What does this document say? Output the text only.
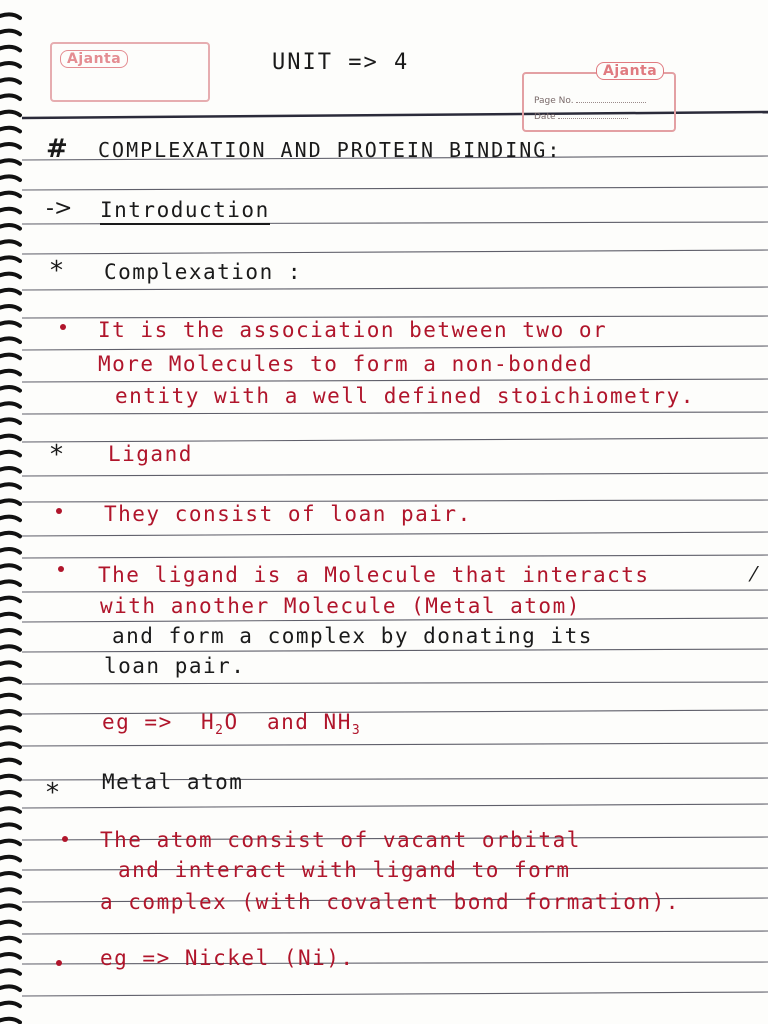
Ajanta	UNIT => 4	Ajanta
Page No.
Date
# COMPLEXATION AND PROTEIN BINDING:
-> Introduction
* Complexation :
It is the association between two or
More Molecules to form a non-bonded
entity with a well defined stoichiometry.
* Ligand
They consist of loan pair.
The ligand is a Molecule that interacts	⁄
with another Molecule (Metal atom)
and form a complex by donating its
loan pair.
eg => $H_2O$ and $NH_3$
* Metal atom
The atom consist of vacant orbital
and interact with ligand to form
a complex (with covalent bond formation).
eg => Nickel (Ni).
